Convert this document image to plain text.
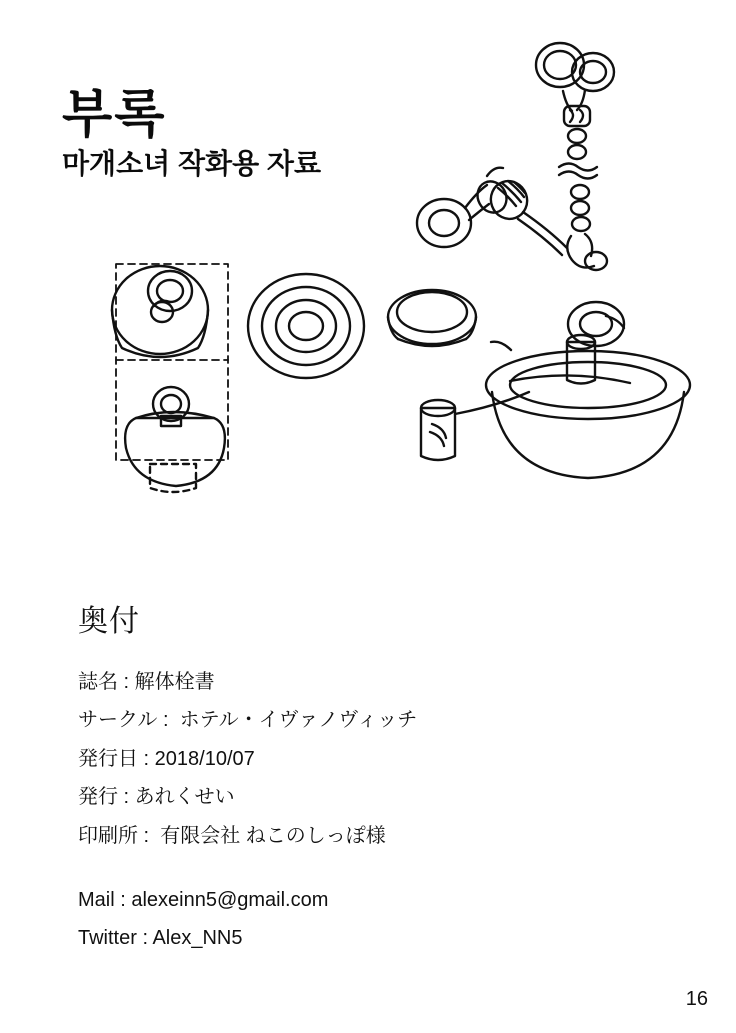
부록
마개소녀 작화용 자료
奥付

誌名 : 解体栓書

サークル :  ホテル・イヴァノヴィッチ

発行日 : 2018/10/07

発行 : あれくせい

印刷所 :  有限会社 ねこのしっぽ様

Mail : alexeinn5@gmail.com

Twitter : Alex_NN5

16
